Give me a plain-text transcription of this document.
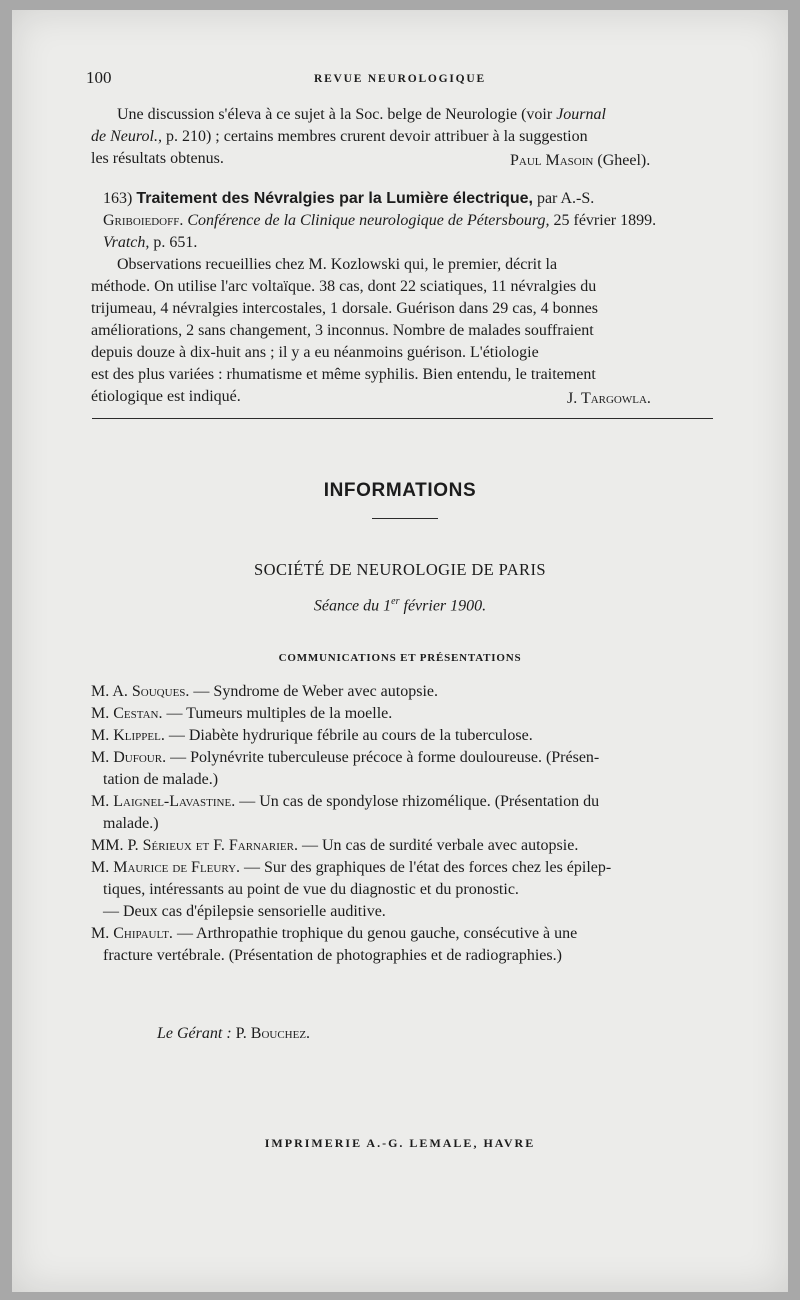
100	REVUE NEUROLOGIQUE
Une discussion s'éleva à ce sujet à la Soc. belge de Neurologie (voir Journal
de Neurol., p. 210) ; certains membres crurent devoir attribuer à la suggestion
les résultats obtenus.	Paul Masoin (Gheel).
163) Traitement des Névralgies par la Lumière électrique, par A.-S.
Griboiedoff. Conférence de la Clinique neurologique de Pétersbourg, 25 février 1899.
Vratch, p. 651.
Observations recueillies chez M. Kozlowski qui, le premier, décrit la
méthode. On utilise l'arc voltaïque. 38 cas, dont 22 sciatiques, 11 névralgies du
trijumeau, 4 névralgies intercostales, 1 dorsale. Guérison dans 29 cas, 4 bonnes
améliorations, 2 sans changement, 3 inconnus. Nombre de malades souffraient
depuis douze à dix-huit ans ; il y a eu néanmoins guérison. L'étiologie
est des plus variées : rhumatisme et même syphilis. Bien entendu, le traitement
étiologique est indiqué.	J. Targowla.
INFORMATIONS
SOCIÉTÉ DE NEUROLOGIE DE PARIS
Séance du 1er février 1900.
COMMUNICATIONS ET PRÉSENTATIONS
M. A. Souques. — Syndrome de Weber avec autopsie.
M. Cestan. — Tumeurs multiples de la moelle.
M. Klippel. — Diabète hydrurique fébrile au cours de la tuberculose.
M. Dufour. — Polynévrite tuberculeuse précoce à forme douloureuse. (Présen-
tation de malade.)
M. Laignel-Lavastine. — Un cas de spondylose rhizomélique. (Présentation du
malade.)
MM. P. Sérieux et F. Farnarier. — Un cas de surdité verbale avec autopsie.
M. Maurice de Fleury. — Sur des graphiques de l'état des forces chez les épilep-
tiques, intéressants au point de vue du diagnostic et du pronostic.
— Deux cas d'épilepsie sensorielle auditive.
M. Chipault. — Arthropathie trophique du genou gauche, consécutive à une
fracture vertébrale. (Présentation de photographies et de radiographies.)
Le Gérant : P. Bouchez.
IMPRIMERIE A.-G. LEMALE, HAVRE
